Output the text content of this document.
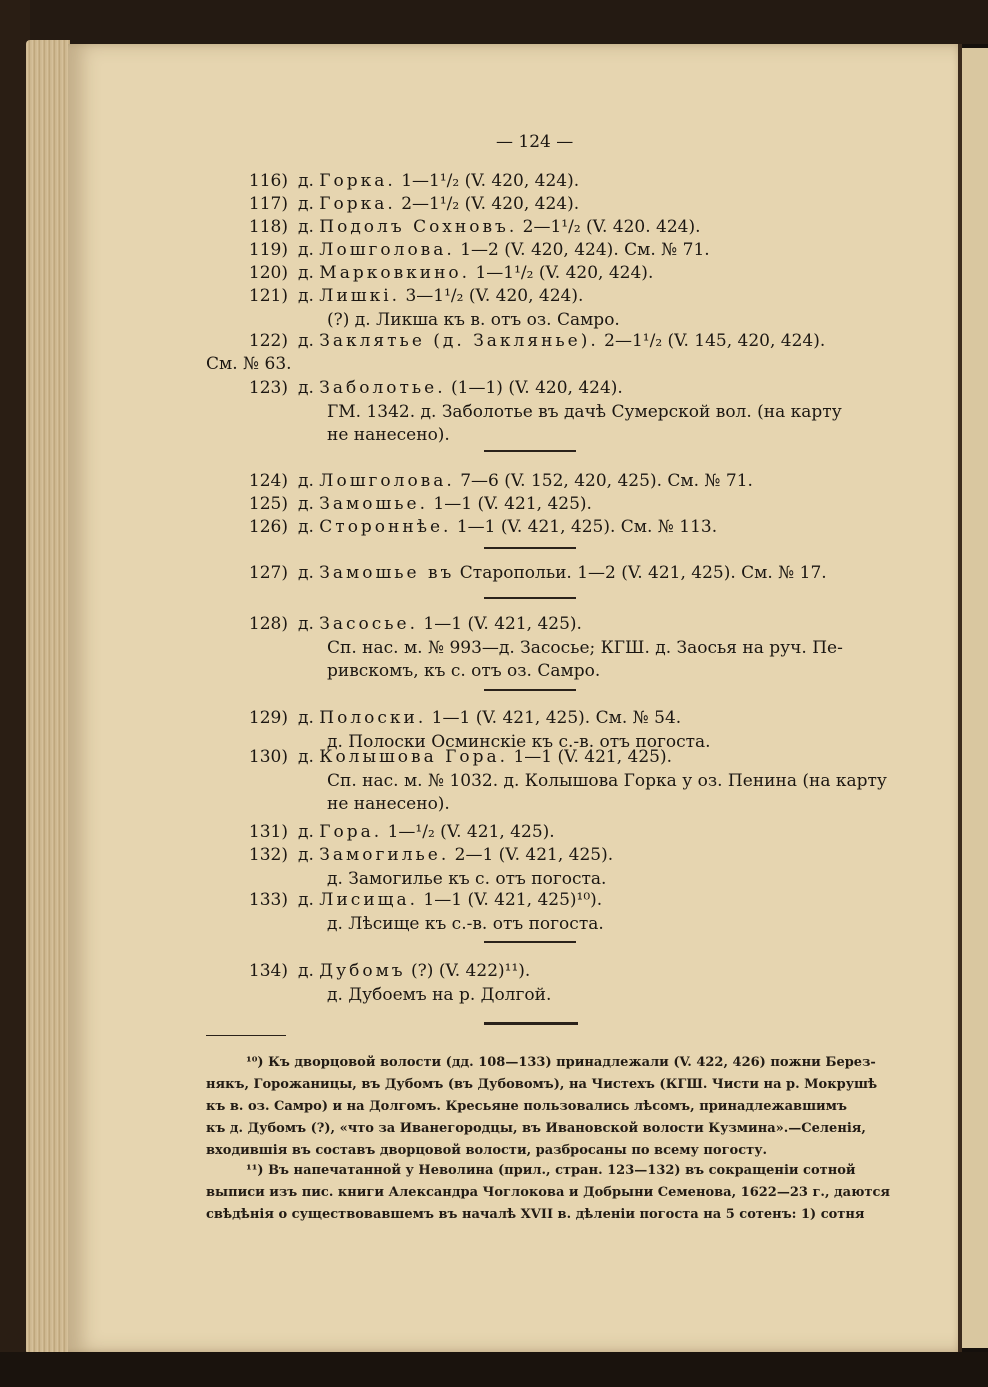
— 124 —
116) д. Горка. 1—1¹/₂ (V. 420, 424).
117) д. Горка. 2—1¹/₂ (V. 420, 424).
118) д. Подолъ Сохновъ. 2—1¹/₂ (V. 420. 424).
119) д. Лошголова. 1—2 (V. 420, 424). См. № 71.
120) д. Марковкино. 1—1¹/₂ (V. 420, 424).
121) д. Лишкi. 3—1¹/₂ (V. 420, 424).
(?) д. Ликша къ в. отъ оз. Самро.
122) д. Заклятье (д. Заклянье). 2—1¹/₂ (V. 145, 420, 424).
См. № 63.
123) д. Заболотье. (1—1) (V. 420, 424).
ГМ. 1342. д. Заболотье въ дачѣ Сумерской вол. (на карту
не нанесено).
124) д. Лошголова. 7—6 (V. 152, 420, 425). См. № 71.
125) д. Замошье. 1—1 (V. 421, 425).
126) д. Стороннѣе. 1—1 (V. 421, 425). См. № 113.
127) д. Замошье въ Старопольи. 1—2 (V. 421, 425). См. № 17.
128) д. Засосье. 1—1 (V. 421, 425).
Сп. нас. м. № 993—д. Засосье; КГШ. д. Заосья на руч. Пе-
ривскомъ, къ с. отъ оз. Самро.
129) д. Полоски. 1—1 (V. 421, 425). См. № 54.
д. Полоски Осминскiе къ с.-в. отъ погоста.
130) д. Колышова Гора. 1—1 (V. 421, 425).
Сп. нас. м. № 1032. д. Колышова Горка у оз. Пенина (на карту
не нанесено).
131) д. Гора. 1—¹/₂ (V. 421, 425).
132) д. Замогилье. 2—1 (V. 421, 425).
д. Замогилье къ с. отъ погоста.
133) д. Лисища. 1—1 (V. 421, 425)¹⁰).
д. Лѣсище къ с.-в. отъ погоста.
134) д. Дубомъ (?) (V. 422)¹¹).
д. Дубоемъ на р. Долгой.
¹⁰) Къ дворцовой волости (дд. 108—133) принадлежали (V. 422, 426) пожни Берез-
някъ, Горожаницы, въ Дубомъ (въ Дубовомъ), на Чистехъ (КГШ. Чисти на р. Мокрушѣ
къ в. оз. Самро) и на Долгомъ. Кресьяне пользовались лѣсомъ, принадлежавшимъ
къ д. Дубомъ (?), «что за Иванегородцы, въ Ивановской волости Кузмина».—Селенiя,
входившiя въ составъ дворцовой волости, разбросаны по всему погосту.
¹¹) Въ напечатанной у Неволина (прил., стран. 123—132) въ сокращенiи сотной
выписи изъ пис. книги Александра Чоглокова и Добрыни Семенова, 1622—23 г., даются
свѣдѣнiя о существовавшемъ въ началѣ XVII в. дѣленiи погоста на 5 сотенъ: 1) сотня
